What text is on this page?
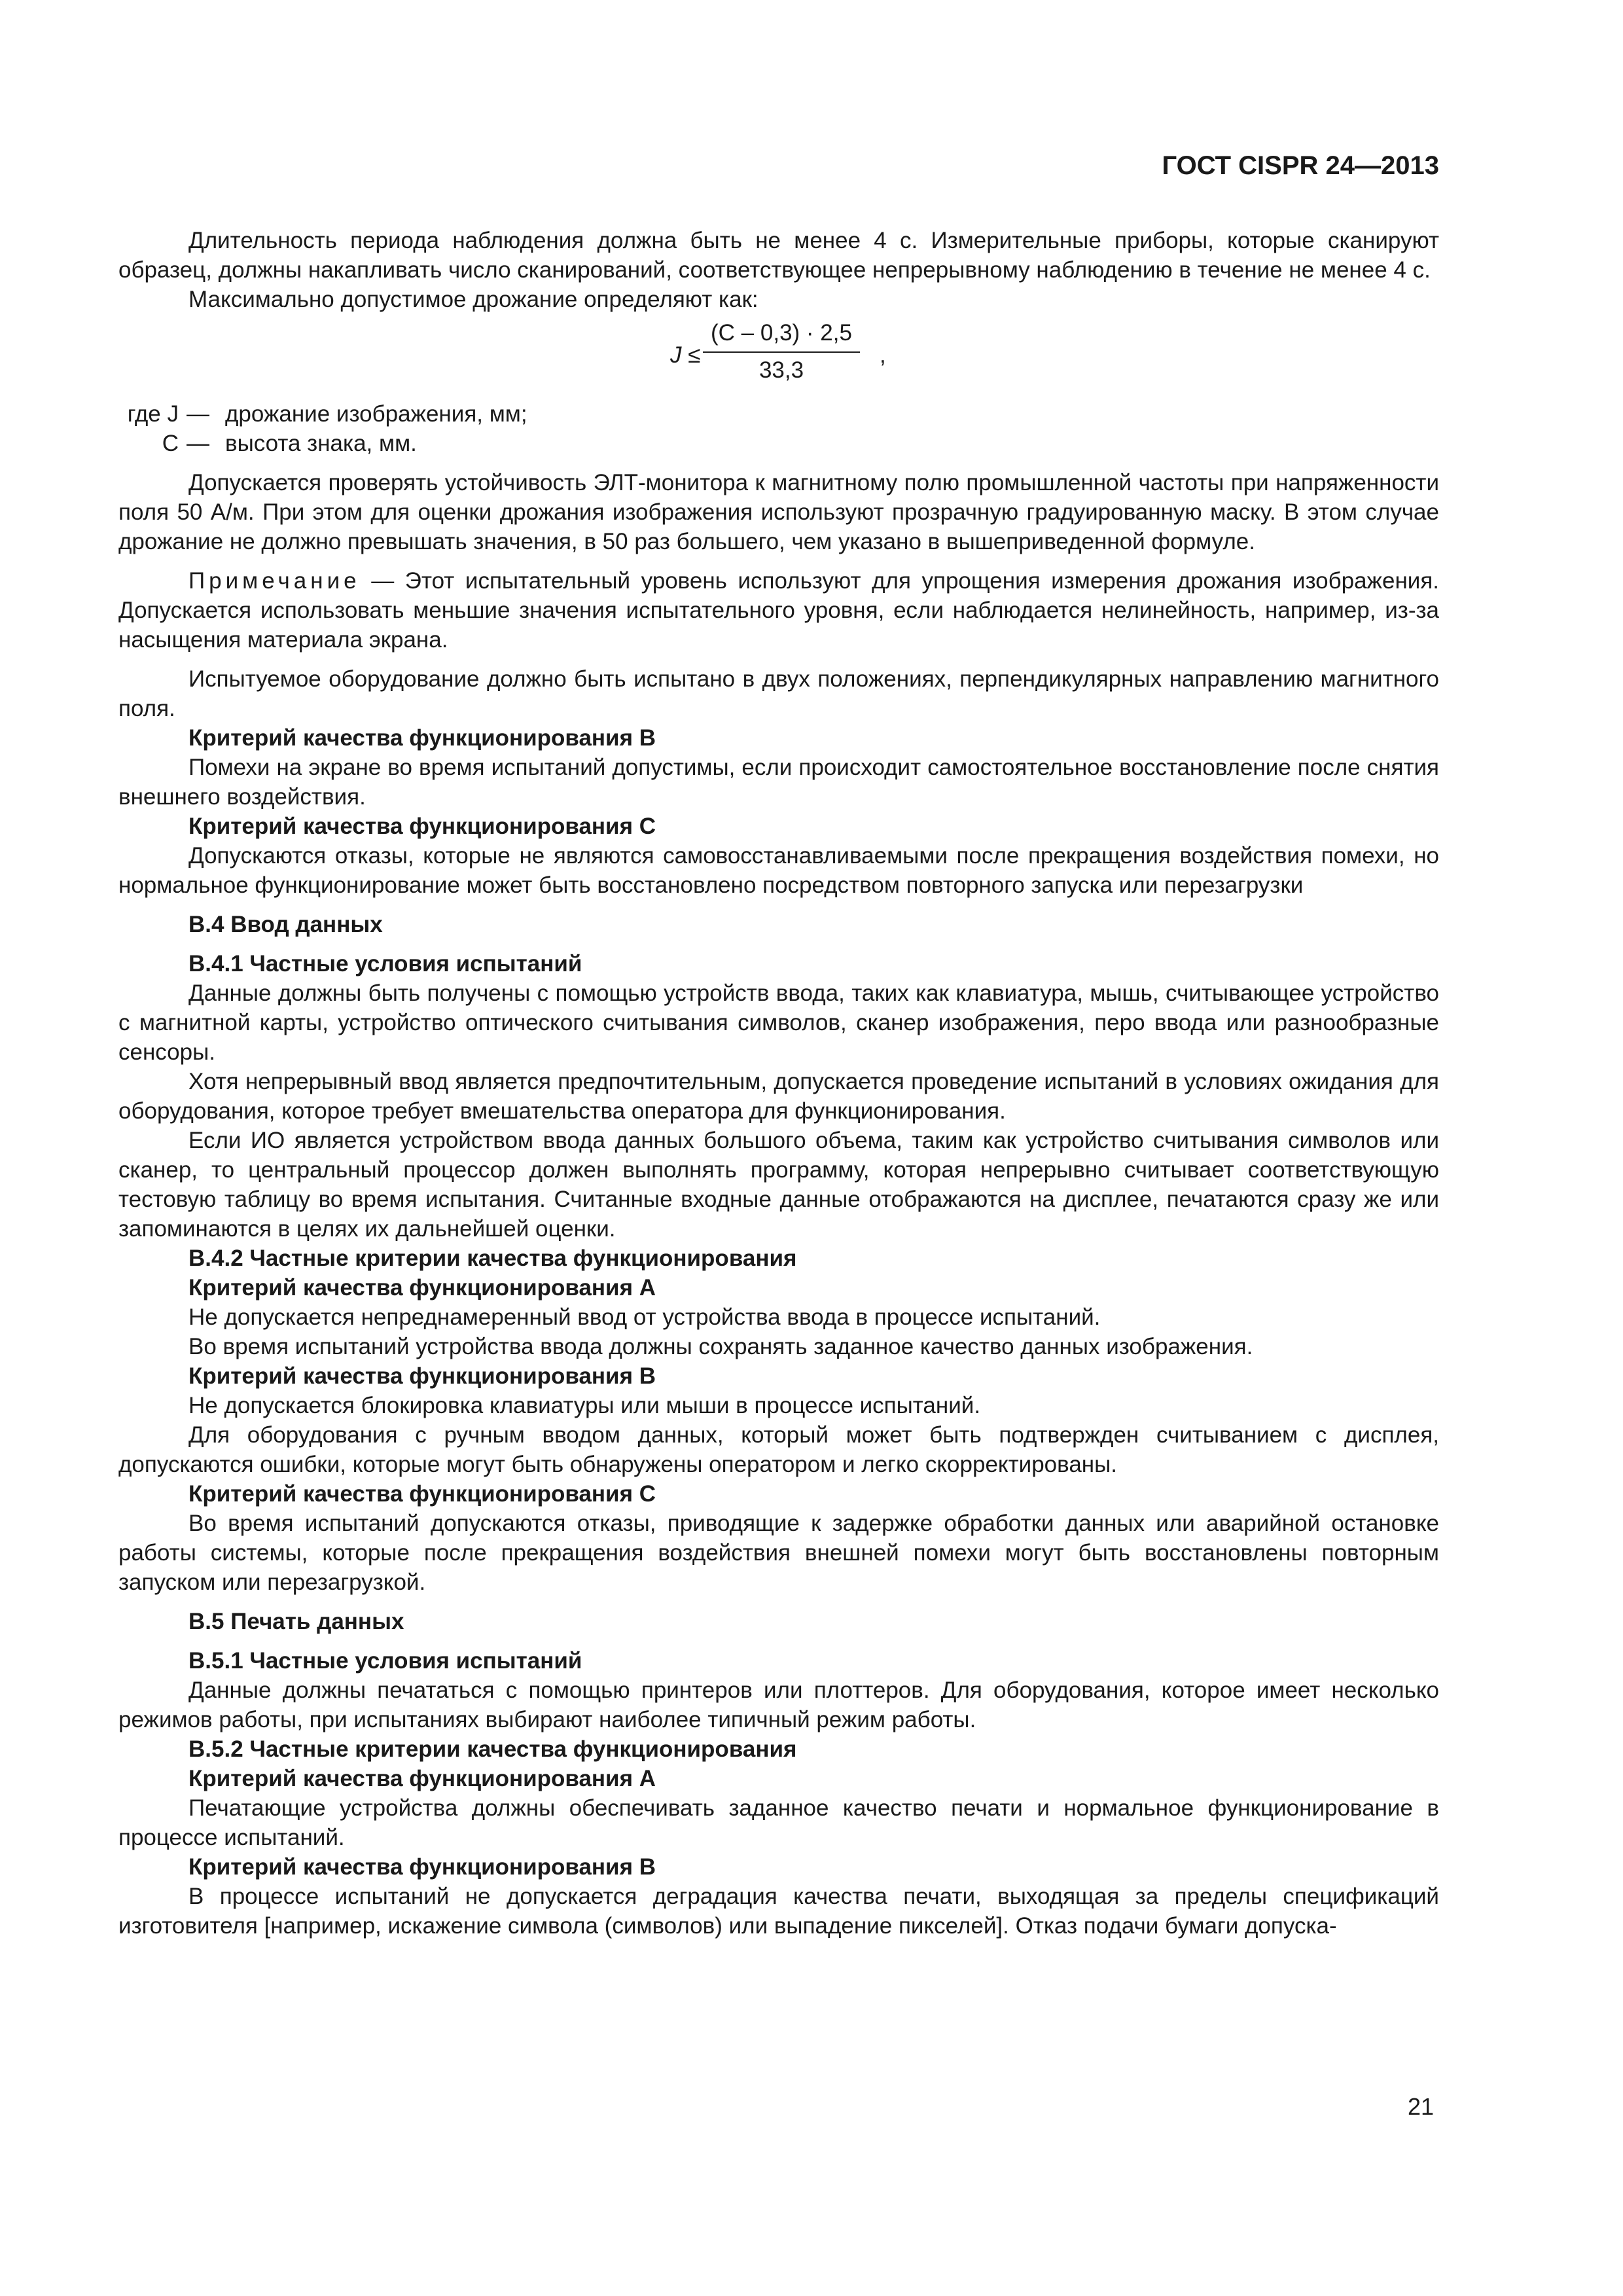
ГОСТ CISPR 24—2013

Длительность периода наблюдения должна быть не менее 4 с. Измерительные приборы, которые сканируют образец, должны накапливать число сканирований, соответствующее непрерывному наблюдению в течение не менее 4 с.

Максимально допустимое дрожание определяют как:

$J \le \frac{(C - 0,3) \cdot 2,5}{33,3}$ ,
где J — дрожание изображения, мм;
C — высота знака, мм.

Допускается проверять устойчивость ЭЛТ-монитора к магнитному полю промышленной частоты при напряженности поля 50 А/м. При этом для оценки дрожания изображения используют прозрачную градуированную маску. В этом случае дрожание не должно превышать значения, в 50 раз большего, чем указано в вышеприведенной формуле.

Примечание — Этот испытательный уровень используют для упрощения измерения дрожания изображения. Допускается использовать меньшие значения испытательного уровня, если наблюдается нелинейность, например, из-за насыщения материала экрана.

Испытуемое оборудование должно быть испытано в двух положениях, перпендикулярных направлению магнитного поля.

Критерий качества функционирования В

Помехи на экране во время испытаний допустимы, если происходит самостоятельное восстановление после снятия внешнего воздействия.

Критерий качества функционирования С

Допускаются отказы, которые не являются самовосстанавливаемыми после прекращения воздействия помехи, но нормальное функционирование может быть восстановлено посредством повторного запуска или перезагрузки

В.4 Ввод данных

В.4.1 Частные условия испытаний

Данные должны быть получены с помощью устройств ввода, таких как клавиатура, мышь, считывающее устройство с магнитной карты, устройство оптического считывания символов, сканер изображения, перо ввода или разнообразные сенсоры.

Хотя непрерывный ввод является предпочтительным, допускается проведение испытаний в условиях ожидания для оборудования, которое требует вмешательства оператора для функционирования.

Если ИО является устройством ввода данных большого объема, таким как устройство считывания символов или сканер, то центральный процессор должен выполнять программу, которая непрерывно считывает соответствующую тестовую таблицу во время испытания. Считанные входные данные отображаются на дисплее, печатаются сразу же или запоминаются в целях их дальнейшей оценки.

В.4.2 Частные критерии качества функционирования

Критерий качества функционирования А

Не допускается непреднамеренный ввод от устройства ввода в процессе испытаний.

Во время испытаний устройства ввода должны сохранять заданное качество данных изображения.

Критерий качества функционирования В

Не допускается блокировка клавиатуры или мыши в процессе испытаний.

Для оборудования с ручным вводом данных, который может быть подтвержден считыванием с дисплея, допускаются ошибки, которые могут быть обнаружены оператором и легко скорректированы.

Критерий качества функционирования С

Во время испытаний допускаются отказы, приводящие к задержке обработки данных или аварийной остановке работы системы, которые после прекращения воздействия внешней помехи могут быть восстановлены повторным запуском или перезагрузкой.

В.5 Печать данных

В.5.1 Частные условия испытаний

Данные должны печататься с помощью принтеров или плоттеров. Для оборудования, которое имеет несколько режимов работы, при испытаниях выбирают наиболее типичный режим работы.

В.5.2 Частные критерии качества функционирования

Критерий качества функционирования А

Печатающие устройства должны обеспечивать заданное качество печати и нормальное функционирование в процессе испытаний.

Критерий качества функционирования В

В процессе испытаний не допускается деградация качества печати, выходящая за пределы спецификаций изготовителя [например, искажение символа (символов) или выпадение пикселей]. Отказ подачи бумаги допуска-

21
